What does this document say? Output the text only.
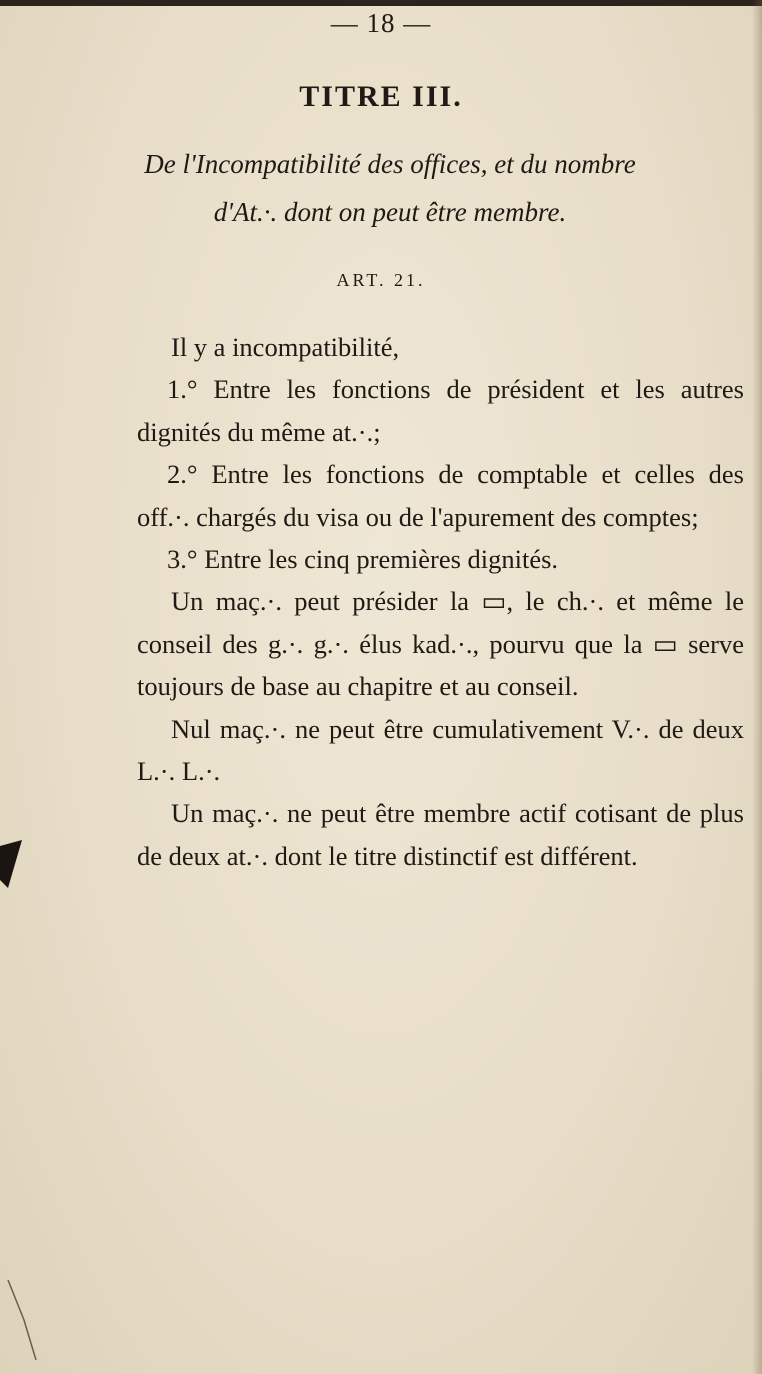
— 18 —
TITRE III.
De l'Incompatibilité des offices, et du nombre d'At.·. dont on peut être membre.
ART. 21.

Il y a incompatibilité,

1.° Entre les fonctions de président et les autres dignités du même at.·.;

2.° Entre les fonctions de comptable et celles des off.·. chargés du visa ou de l'apurement des comptes;

3.° Entre les cinq premières dignités.

Un maç.·. peut présider la ▭, le ch.·. et même le conseil des g.·. g.·. élus kad.·., pourvu que la ▭ serve toujours de base au chapitre et au conseil.

Nul maç.·. ne peut être cumulativement V.·. de deux L.·. L.·.

Un maç.·. ne peut être membre actif cotisant de plus de deux at.·. dont le titre distinctif est différent.
